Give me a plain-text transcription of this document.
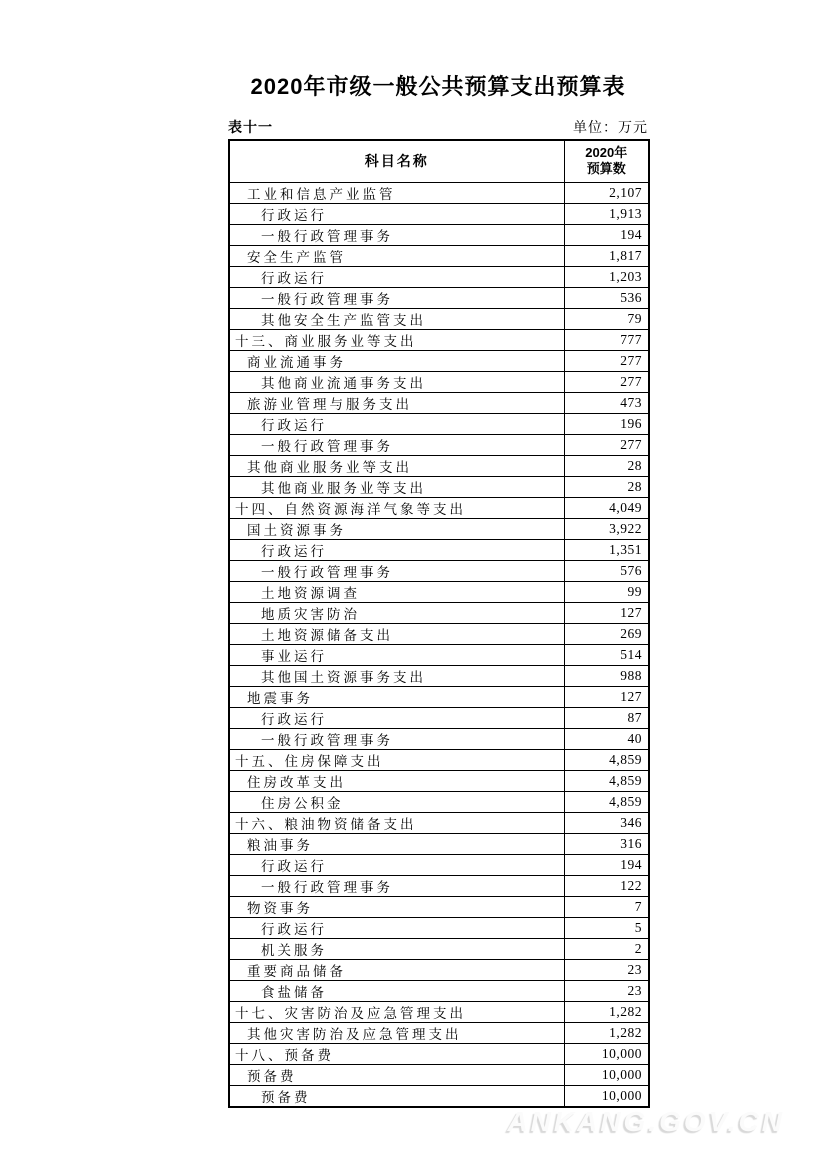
2020年市级一般公共预算支出预算表
表十一	单位：万元
科目名称	2020年
预算数
工业和信息产业监管	2,107
行政运行	1,913
一般行政管理事务	194
安全生产监管	1,817
行政运行	1,203
一般行政管理事务	536
其他安全生产监管支出	79
十三、商业服务业等支出	777
商业流通事务	277
其他商业流通事务支出	277
旅游业管理与服务支出	473
行政运行	196
一般行政管理事务	277
其他商业服务业等支出	28
其他商业服务业等支出	28
十四、自然资源海洋气象等支出	4,049
国土资源事务	3,922
行政运行	1,351
一般行政管理事务	576
土地资源调查	99
地质灾害防治	127
土地资源储备支出	269
事业运行	514
其他国土资源事务支出	988
地震事务	127
行政运行	87
一般行政管理事务	40
十五、住房保障支出	4,859
住房改革支出	4,859
住房公积金	4,859
十六、粮油物资储备支出	346
粮油事务	316
行政运行	194
一般行政管理事务	122
物资事务	7
行政运行	5
机关服务	2
重要商品储备	23
食盐储备	23
十七、灾害防治及应急管理支出	1,282
其他灾害防治及应急管理支出	1,282
十八、预备费	10,000
预备费	10,000
预备费	10,000
ANKANG.GOV.CN
